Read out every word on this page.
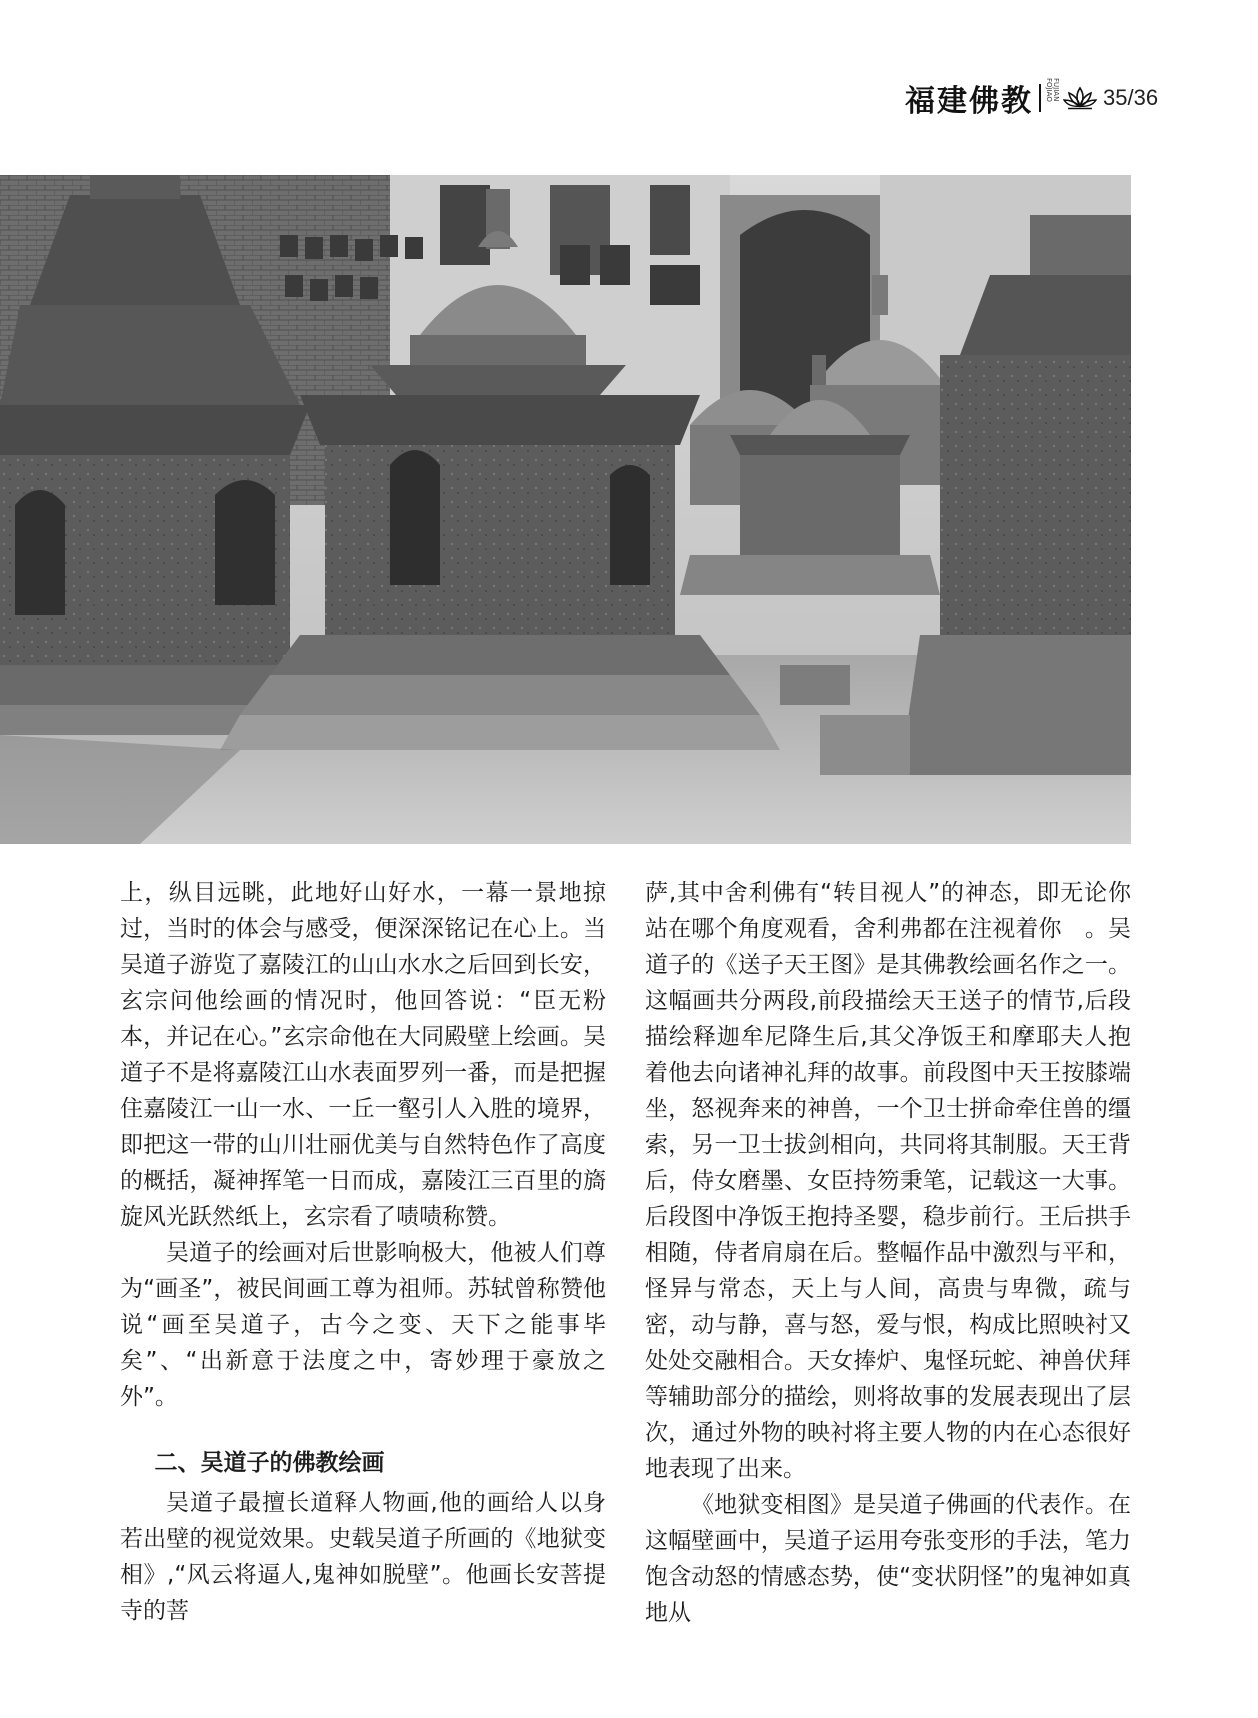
福建佛教	FUJIAN FOJIAO 35/36

上，纵目远眺，此地好山好水，一幕一景地掠过，当时的体会与感受，便深深铭记在心上。当吴道子游览了嘉陵江的山山水水之后回到长安，玄宗问他绘画的情况时，他回答说：“臣无粉本，并记在心。”玄宗命他在大同殿壁上绘画。吴道子不是将嘉陵江山水表面罗列一番，而是把握住嘉陵江一山一水、一丘一壑引人入胜的境界，即把这一带的山川壮丽优美与自然特色作了高度的概括，凝神挥笔一日而成，嘉陵江三百里的旖旋风光跃然纸上，玄宗看了啧啧称赞。

吴道子的绘画对后世影响极大，他被人们尊为“画圣”，被民间画工尊为祖师。苏轼曾称赞他说“画至吴道子，古今之变、天下之能事毕矣”、“出新意于法度之中，寄妙理于豪放之外”。

二、吴道子的佛教绘画

吴道子最擅长道释人物画,他的画给人以身若出壁的视觉效果。史载吴道子所画的《地狱变相》,“风云将逼人,鬼神如脱壁”。他画长安菩提寺的菩

萨,其中舍利佛有“转目视人”的神态，即无论你站在哪个角度观看，舍利弗都在注视着你　。吴道子的《送子天王图》是其佛教绘画名作之一。这幅画共分两段,前段描绘天王送子的情节,后段描绘释迦牟尼降生后,其父净饭王和摩耶夫人抱着他去向诸神礼拜的故事。前段图中天王按膝端坐，怒视奔来的神兽，一个卫士拼命牵住兽的缰索，另一卫士拔剑相向，共同将其制服。天王背后，侍女磨墨、女臣持笏秉笔，记载这一大事。后段图中净饭王抱持圣婴，稳步前行。王后拱手相随，侍者肩扇在后。整幅作品中激烈与平和，怪异与常态，天上与人间，高贵与卑微，疏与密，动与静，喜与怒，爱与恨，构成比照映衬又处处交融相合。天女捧炉、鬼怪玩蛇、神兽伏拜等辅助部分的描绘，则将故事的发展表现出了层次，通过外物的映衬将主要人物的内在心态很好地表现了出来。

《地狱变相图》是吴道子佛画的代表作。在这幅壁画中，吴道子运用夸张变形的手法，笔力饱含动怒的情感态势，使“变状阴怪”的鬼神如真地从
